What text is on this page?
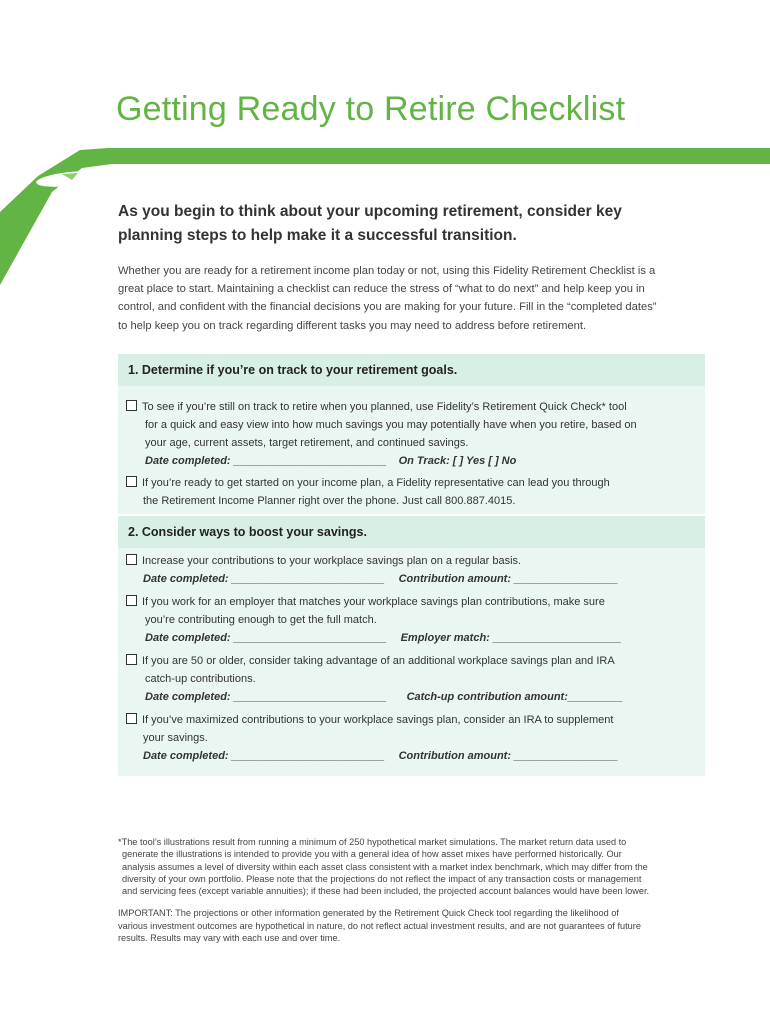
Getting Ready to Retire Checklist
As you begin to think about your upcoming retirement, consider key
planning steps to help make it a successful transition.
Whether you are ready for a retirement income plan today or not, using this Fidelity Retirement Checklist is a
great place to start. Maintaining a checklist can reduce the stress of “what to do next” and help keep you in
control, and confident with the financial decisions you are making for your future. Fill in the “completed dates”
to help keep you on track regarding different tasks you may need to address before retirement.
1. Determine if you’re on track to your retirement goals.
To see if you’re still on track to retire when you planned, use Fidelity’s Retirement Quick Check* tool
for a quick and easy view into how much savings you may potentially have when you retire, based on
your age, current assets, target retirement, and continued savings.
Date completed: _________________________ On Track: [ ] Yes [ ] No
If you’re ready to get started on your income plan, a Fidelity representative can lead you through
the Retirement Income Planner right over the phone. Just call 800.887.4015.
2. Consider ways to boost your savings.
Increase your contributions to your workplace savings plan on a regular basis.
Date completed: _________________________ Contribution amount: _________________
If you work for an employer that matches your workplace savings plan contributions, make sure
you’re contributing enough to get the full match.
Date completed: _________________________ Employer match: _____________________
If you are 50 or older, consider taking advantage of an additional workplace savings plan and IRA
catch-up contributions.
Date completed: _________________________ Catch-up contribution amount:_________
If you’ve maximized contributions to your workplace savings plan, consider an IRA to supplement
your savings.
Date completed: _________________________ Contribution amount: _________________

*The tool’s illustrations result from running a minimum of 250 hypothetical market simulations. The market return data used to
generate the illustrations is intended to provide you with a general idea of how asset mixes have performed historically. Our
analysis assumes a level of diversity within each asset class consistent with a market index benchmark, which may differ from the
diversity of your own portfolio. Please note that the projections do not reflect the impact of any transaction costs or management
and servicing fees (except variable annuities); if these had been included, the projected account balances would have been lower.

IMPORTANT: The projections or other information generated by the Retirement Quick Check tool regarding the likelihood of
various investment outcomes are hypothetical in nature, do not reflect actual investment results, and are not guarantees of future
results. Results may vary with each use and over time.
